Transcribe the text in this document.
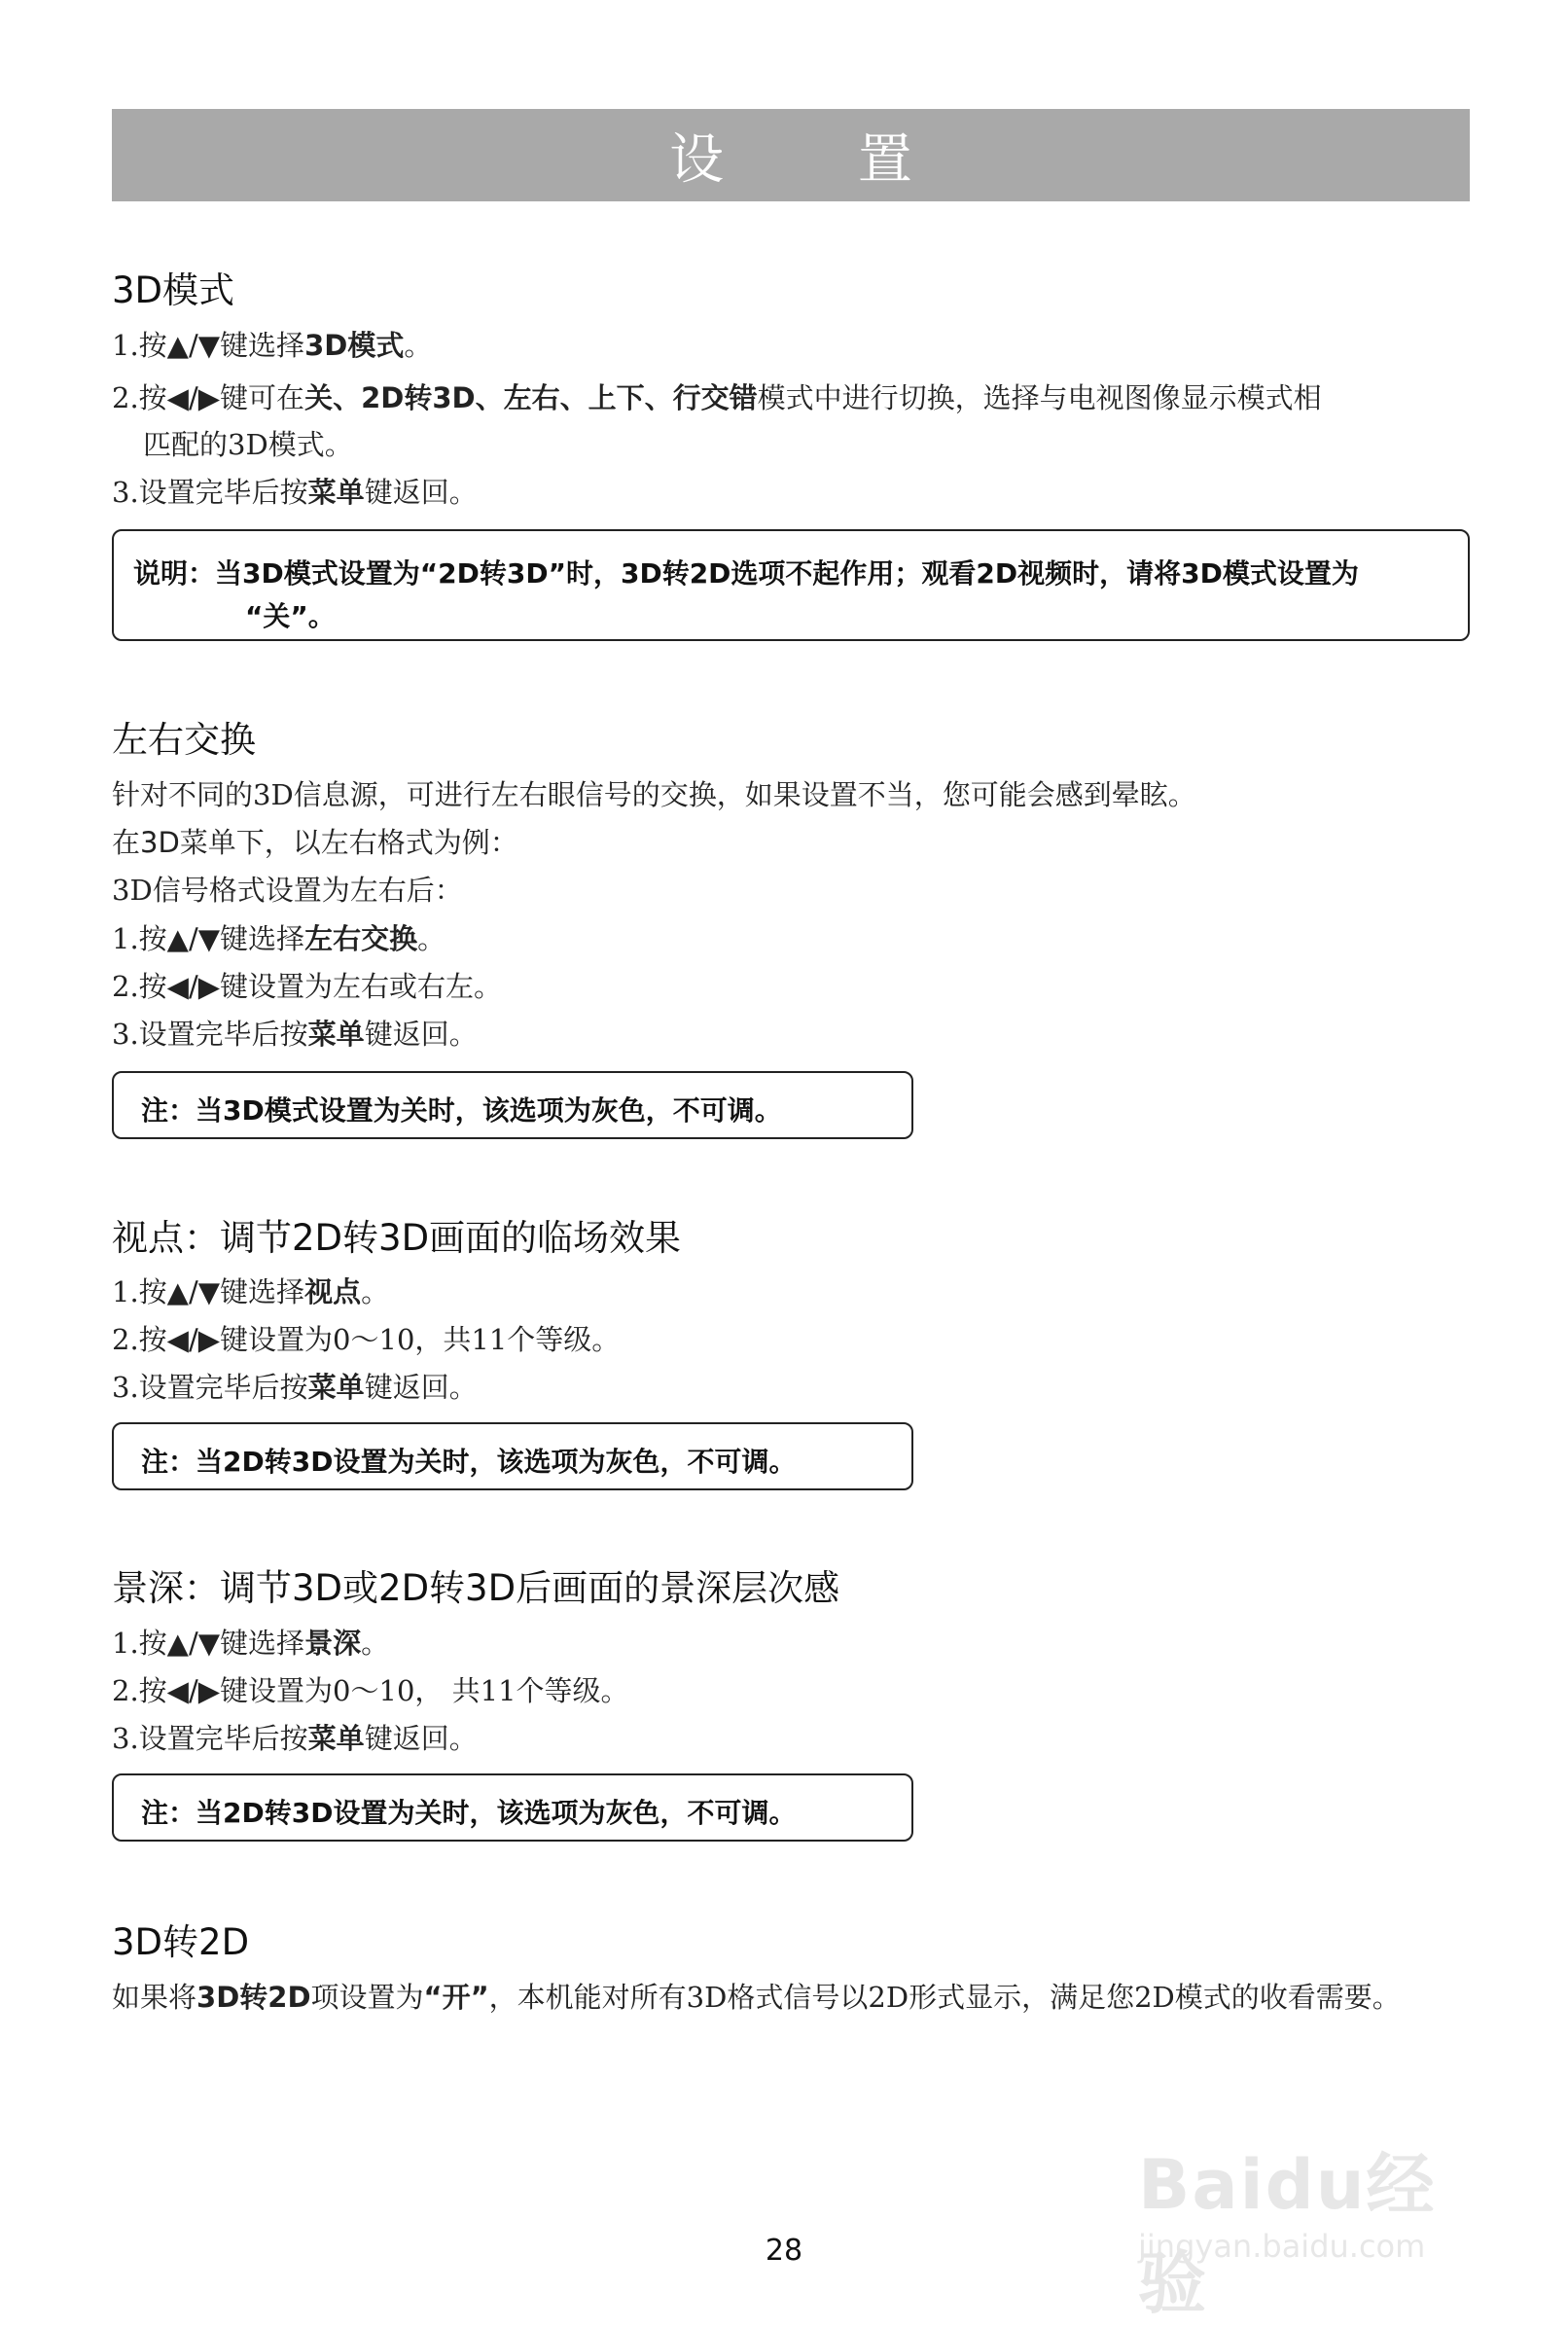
设 置
3D模式
1.按▲/▼键选择3D模式。
2.按◀/▶键可在关、2D转3D、左右、上下、行交错模式中进行切换，选择与电视图像显示模式相
匹配的3D模式。
3.设置完毕后按菜单键返回。
说明：当3D模式设置为“2D转3D”时，3D转2D选项不起作用；观看2D视频时，请将3D模式设置为
“关”。
左右交换
针对不同的3D信息源，可进行左右眼信号的交换，如果设置不当，您可能会感到晕眩。
在3D菜单下，以左右格式为例：
3D信号格式设置为左右后：
1.按▲/▼键选择左右交换。
2.按◀/▶键设置为左右或右左。
3.设置完毕后按菜单键返回。
注：当3D模式设置为关时，该选项为灰色，不可调。
视点：调节2D转3D画面的临场效果
1.按▲/▼键选择视点。
2.按◀/▶键设置为0～10，共11个等级。
3.设置完毕后按菜单键返回。
注：当2D转3D设置为关时，该选项为灰色，不可调。
景深：调节3D或2D转3D后画面的景深层次感
1.按▲/▼键选择景深。
2.按◀/▶键设置为0～10， 共11个等级。
3.设置完毕后按菜单键返回。
注：当2D转3D设置为关时，该选项为灰色，不可调。
3D转2D
如果将3D转2D项设置为“开”，本机能对所有3D格式信号以2D形式显示，满足您2D模式的收看需要。
Baidu经验
jingyan.baidu.com
28
